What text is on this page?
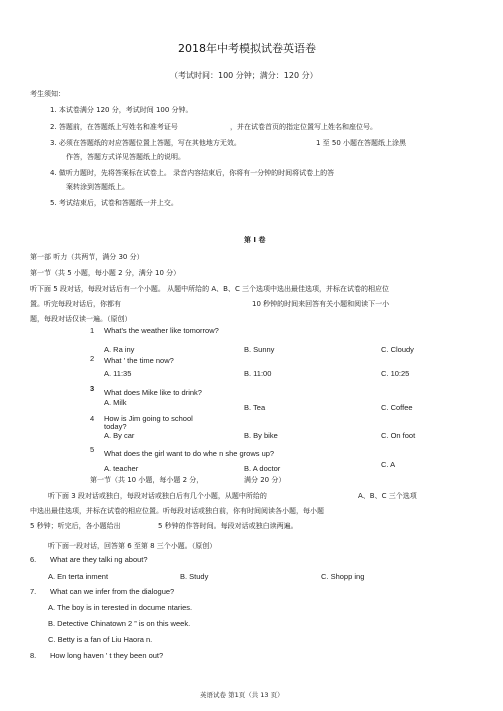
2018年中考模拟试卷英语卷
（考试时间：100 分钟；满分：120 分）
考生须知：
1. 本试卷满分 120 分，考试时间 100 分钟。
2. 答题前，在答题纸上写姓名和准考证号	，并在试卷首页的指定位置写上姓名和座位号。
3. 必须在答题纸的对应答题位置上答题，写在其他地方无效。	1 至 50 小题在答题纸上涂黑
作答，答题方式详见答题纸上的说明。
4. 做听力题时，先将答案标在试卷上。 录音内容结束后，你将有一分钟的时间将试卷上的答
案转涂到答题纸上。
5. 考试结束后，试卷和答题纸一并上交。
第 I 卷
第一部 听力（共两节，满分 30 分）
第一节（共 5 小题，每小题 2 分，满分 10 分）
听下面 5 段对话，每段对话后有一个小题。 从题中所给的 A、B、C 三个选项中选出最佳选项，并标在试卷的相应位
置。听完每段对话后，你都有	10 秒钟的时间来回答有关小题和阅读下一小
题，每段对话仅读一遍。（原创）
1 What's the weather like tomorrow?
A. Ra iny	B. Sunny	C. Cloudy
2 What ' the time now?
A. 11:35	B. 11:00	C. 10:25
3 What does Mike like to drink?
A. Milk
B. Tea	C. Coffee
4 How is Jim going to school
today?
A. By car	B. By bike	C. On foot
5 What does the girl want to do whe n she grows up?
A. teacher	B. A doctor	C. A
第一节（共 10 小题，每小题 2 分，	满分 20 分）
听下面 3 段对话或独白，每段对话或独白后有几个小题，从题中所给的	A、B、C 三个选项
中选出最佳选项，并标在试卷的相应位置。听每段对话或独白前，你有时间阅读各小题，每小题
5 秒钟；听完后，各小题给出	5 秒钟的作答时间。每段对话或独白读两遍。
听下面一段对话，回答第 6 至第 8 三个小题。（原创）
6. What are they talki ng about?
A. En terta inment	B. Study	C. Shopp ing
7. What can we infer from the dialogue?
A. The boy is in terested in docume ntaries.
B. Detective Chinatown 2 ” is on this week.
C. Betty is a fan of Liu Haora n.
8. How long haven ' t they been out?
英语试卷 第1页（共 13 页）
